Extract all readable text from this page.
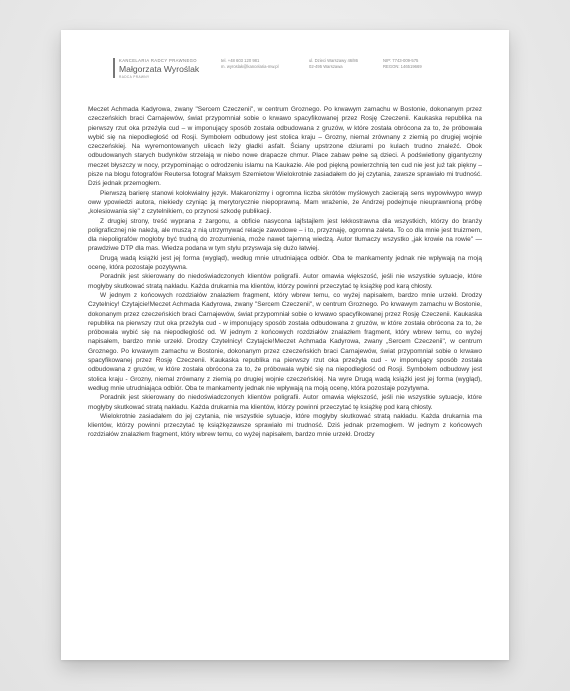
KANCELARIA RADCY PRAWNEGO
Małgorzata Wyroślak
RADCA PRAWNY
tel. +48 603 120 981
m. wyroslak@kancelaria-mw.pl
ul. Dzieci Warszawy 46/86
02-495 Warszawa
NIP: 7743-009-575
REGON: 146519669

Meczet Achmada Kadyrowa, zwany "Sercem Czeczenii", w centrum Groznego. Po krwawym zamachu w Bostonie, dokonanym przez czeczeńskich braci Carnajewów, świat przypomniał sobie o krwawo spacyfikowanej przez Rosję Czeczenii. Kaukaska republika na pierwszy rzut oka przeżyła cud – w imponujący sposób została odbudowana z gruzów, w które została obrócona za to, że próbowała wybić się na niepodległość od Rosji. Symbolem odbudowy jest stolica kraju – Grozny, niemal zrównany z ziemią po drugiej wojnie czeczeńskiej. Na wyremontowanych ulicach leży gładki asfalt. Ściany upstrzone dziurami po kulach trudno znaleźć. Obok odbudowanych starych budynków strzelają w niebo nowe drapacze chmur. Place zabaw pełne są dzieci. A podświetlony gigantyczny meczet błyszczy w nocy, przypominając o odrodzeniu islamu na Kaukazie. Ale pod piękną powierzchnią ten cud nie jest już tak piękny – pisze na blogu fotografów Reutersa fotograf Maksym Szemietow Wielokrotnie zasiadałem do jej czytania, zawsze sprawiało mi trudność. Dziś jednak przemogłem.

Pierwszą barierę stanowi kolokwialny język. Makaronizmy i ogromna liczba skrótów myślowych zacierają sens wypowiwypo wwyp oww ypowiedzi autora, niekiedy czyniąc ją merytorycznie niepoprawną. Mam wrażenie, że Andrzej podejmuje nieuprawnioną próbę „kolesiowania się" z czytelnikiem, co przynosi szkodę publikacji.

Z drugiej strony, treść wyprana z żargonu, a obficie nasycona lajfstajlem jest lekkostrawna dla wszystkich, którzy do branży poligraficznej nie należą, ale muszą z nią utrzymywać relacje zawodowe – i to, przyznaję, ogromna zaleta. To co dla mnie jest truizmem, dla niepoligrafów mogłoby być trudną do zrozumienia, może nawet tajemną wiedzą. Autor tłumaczy wszystko „jak krowie na rowie" — prawdziwe DTP dla mas. Wiedza podana w tym stylu przyswaja się dużo łatwiej.

Drugą wadą książki jest jej forma (wygląd), według mnie utrudniająca odbiór. Oba te mankamenty jednak nie wpływają na moją ocenę, która pozostaje pozytywna.

Poradnik jest skierowany do niedoświadczonych klientów poligrafii. Autor omawia większość, jeśli nie wszystkie sytuacje, które mogłyby skutkować stratą nakładu. Każda drukarnia ma klientów, którzy powinni przeczytać tę książkę pod karą chłosty.

W jednym z końcowych rozdziałów znalazłem fragment, który wbrew temu, co wyżej napisałem, bardzo mnie urzekł. Drodzy Czytelnicy! Czytajcie!Meczet Achmada Kadyrowa, zwany "Sercem Czeczenii", w centrum Groznego. Po krwawym zamachu w Bostonie, dokonanym przez czeczeńskich braci Carnajewów, świat przypomniał sobie o krwawo spacyfikowanej przez Rosję Czeczenii. Kaukaska republika na pierwszy rzut oka przeżyła cud - w imponujący sposób została odbudowana z gruzów, w które została obrócona za to, że próbowała wybić się na niepodległość od. W jednym z końcowych rozdziałów znalazłem fragment, który wbrew temu, co wyżej napisałem, bardzo mnie urzekł. Drodzy Czytelnicy! Czytajcie!Meczet Achmada Kadyrowa, zwany „Sercem Czeczenii", w centrum Groznego. Po krwawym zamachu w Bostonie, dokonanym przez czeczeńskich braci Carnajewów, świat przypomniał sobie o krwawo spacyfikowanej przez Rosję Czeczenii. Kaukaska republika na pierwszy rzut oka przeżyła cud - w imponujący sposób została odbudowana z gruzów, w które została obrócona za to, że próbowała wybić się na niepodległość od Rosji. Symbolem odbudowy jest stolica kraju - Grozny, niemal zrównany z ziemią po drugiej wojnie czeczeńskiej. Na wyre Drugą wadą książki jest jej forma (wygląd), według mnie utrudniająca odbiór. Oba te mankamenty jednak nie wpływają na moją ocenę, która pozostaje pozytywna.

Poradnik jest skierowany do niedoświadczonych klientów poligrafii. Autor omawia większość, jeśli nie wszystkie sytuacje, które mogłyby skutkować stratą nakładu. Każda drukarnia ma klientów, którzy powinni przeczytać tę książkę pod karą chłosty.

Wielokrotnie zasiadałem do jej czytania, nie wszystkie sytuacje, które mogłyby skutkować stratą nakładu. Każda drukarnia ma klientów, którzy powinni przeczytać tę książkęzawsze sprawiało mi trudność. Dziś jednak przemogłem. W jednym z końcowych rozdziałów znalazłem fragment, który wbrew temu, co wyżej napisałem, bardzo mnie urzekł. Drodzy
